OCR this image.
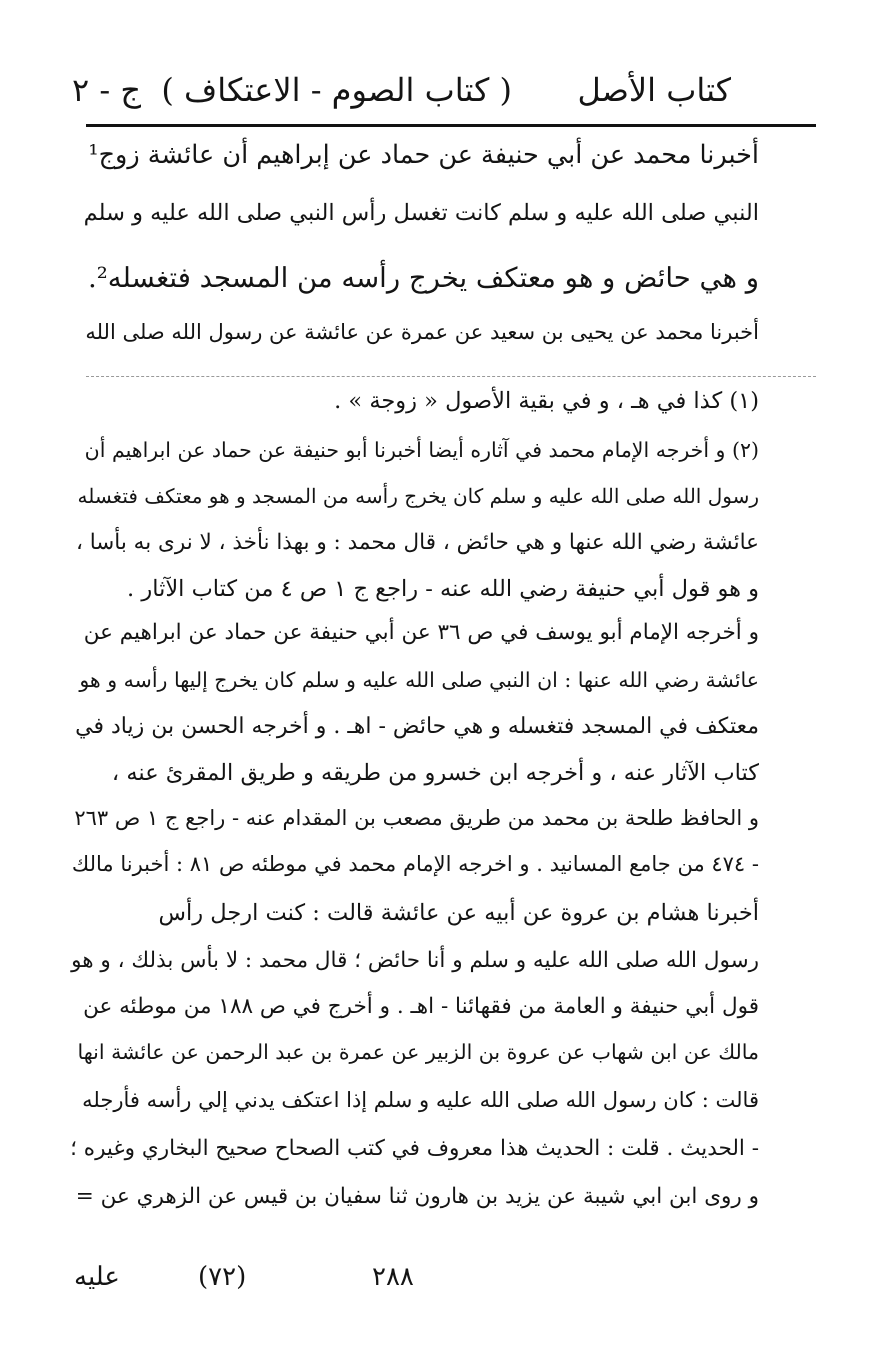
كتاب الأصل
( كتاب الصوم - الاعتكاف )
ج - ٢
أخبرنا محمد عن أبي حنيفة عن حماد عن إبراهيم أن عائشة زوج¹
النبي صلى الله عليه و سلم كانت تغسل رأس النبي صلى الله عليه و سلم
و هي حائض و هو معتكف يخرج رأسه من المسجد فتغسله².
أخبرنا محمد عن يحيى بن سعيد عن عمرة عن عائشة عن رسول الله صلى الله
(١) كذا في هـ ، و في بقية الأصول « زوجة » .
(٢) و أخرجه الإمام محمد في آثاره أيضا أخبرنا أبو حنيفة عن حماد عن ابراهيم أن
رسول الله صلى الله عليه و سلم كان يخرج رأسه من المسجد و هو معتكف فتغسله
عائشة رضي الله عنها و هي حائض ، قال محمد : و بهذا نأخذ ، لا نرى به بأسا ،
و هو قول أبي حنيفة رضي الله عنه - راجع ج ١ ص ٤ من كتاب الآثار .
و أخرجه الإمام أبو يوسف في ص ٣٦ عن أبي حنيفة عن حماد عن ابراهيم عن
عائشة رضي الله عنها : ان النبي صلى الله عليه و سلم كان يخرج إليها رأسه و هو
معتكف في المسجد فتغسله و هي حائض - اهـ . و أخرجه الحسن بن زياد في
كتاب الآثار عنه ، و أخرجه ابن خسرو من طريقه و طريق المقرئ عنه ،
و الحافظ طلحة بن محمد من طريق مصعب بن المقدام عنه - راجع ج ١ ص ٢٦٣
- ٤٧٤ من جامع المسانيد . و اخرجه الإمام محمد في موطئه ص ٨١ : أخبرنا مالك
أخبرنا هشام بن عروة عن أبيه عن عائشة قالت : كنت ارجل رأس
رسول الله صلى الله عليه و سلم و أنا حائض ؛ قال محمد : لا بأس بذلك ، و هو
قول أبي حنيفة و العامة من فقهائنا - اهـ . و أخرج في ص ١٨٨ من موطئه عن
مالك عن ابن شهاب عن عروة بن الزبير عن عمرة بن عبد الرحمن عن عائشة انها
قالت : كان رسول الله صلى الله عليه و سلم إذا اعتكف يدني إلي رأسه فأرجله
- الحديث . قلت : الحديث هذا معروف في كتب الصحاح صحيح البخاري وغيره ؛
و روى ابن ابي شيبة عن يزيد بن هارون ثنا سفيان بن قيس عن الزهري عن =
عليه	(٧٢)	٢٨٨
